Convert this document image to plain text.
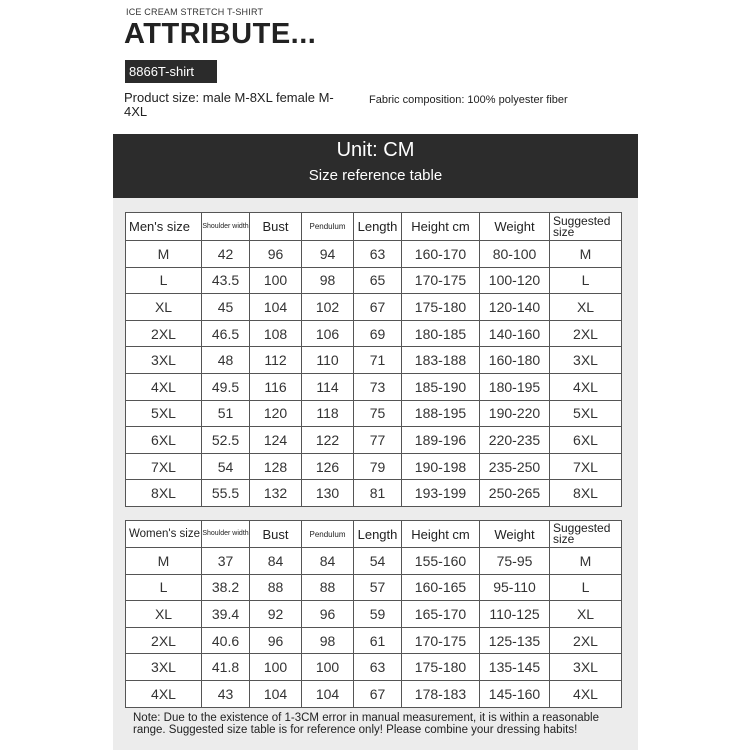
ICE CREAM STRETCH T-SHIRT
ATTRIBUTE...
8866T-shirt
Product size: male M-8XL female M-4XL
Fabric composition: 100% polyester fiber
Unit: CM
Size reference table
Men's size	Shoulder width	Bust	Pendulum	Length	Height cm	Weight	Suggested size
M	42	96	94	63	160-170	80-100	M
L	43.5	100	98	65	170-175	100-120	L
XL	45	104	102	67	175-180	120-140	XL
2XL	46.5	108	106	69	180-185	140-160	2XL
3XL	48	112	110	71	183-188	160-180	3XL
4XL	49.5	116	114	73	185-190	180-195	4XL
5XL	51	120	118	75	188-195	190-220	5XL
6XL	52.5	124	122	77	189-196	220-235	6XL
7XL	54	128	126	79	190-198	235-250	7XL
8XL	55.5	132	130	81	193-199	250-265	8XL
Women's size	Shoulder width	Bust	Pendulum	Length	Height cm	Weight	Suggested size
M	37	84	84	54	155-160	75-95	M
L	38.2	88	88	57	160-165	95-110	L
XL	39.4	92	96	59	165-170	110-125	XL
2XL	40.6	96	98	61	170-175	125-135	2XL
3XL	41.8	100	100	63	175-180	135-145	3XL
4XL	43	104	104	67	178-183	145-160	4XL
Note: Due to the existence of 1-3CM error in manual measurement, it is within a reasonable range. Suggested size table is for reference only! Please combine your dressing habits!
